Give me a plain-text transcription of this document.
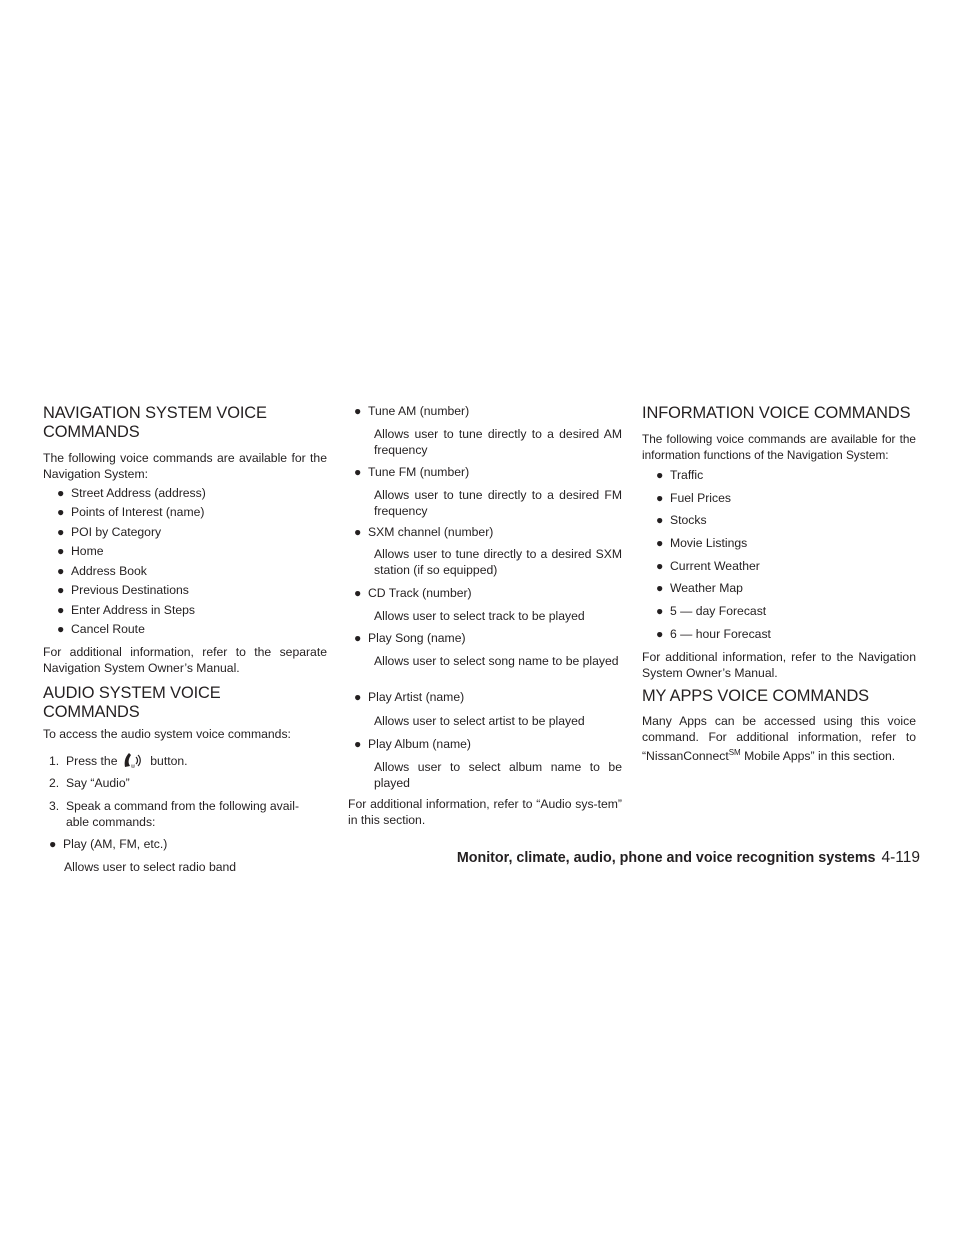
NAVIGATION SYSTEM VOICE
COMMANDS

The following voice commands are available for the Navigation System:

● Street Address (address)
● Points of Interest (name)
● POI by Category
● Home
● Address Book
● Previous Destinations
● Enter Address in Steps
● Cancel Route

For additional information, refer to the separate Navigation System Owner’s Manual.

AUDIO SYSTEM VOICE
COMMANDS

To access the audio system voice commands:

1. Press the	W button.
2. Say “Audio”
3. Speak a command from the following avail-
able commands:
● Play (AM, FM, etc.)
Allows user to select radio band
● Tune AM (number)
Allows user to tune directly to a desired AM frequency
● Tune FM (number)
Allows user to tune directly to a desired FM frequency
● SXM channel (number)
Allows user to tune directly to a desired SXM station (if so equipped)
● CD Track (number)
Allows user to select track to be played
● Play Song (name)
Allows user to select song name to be played
● Play Artist (name)
Allows user to select artist to be played
● Play Album (name)
Allows user to select album name to be played

For additional information, refer to “Audio sys-tem” in this section.

INFORMATION VOICE COMMANDS

The following voice commands are available for the information functions of the Navigation System:

● Traffic
● Fuel Prices
● Stocks
● Movie Listings
● Current Weather
● Weather Map
● 5 — day Forecast
● 6 — hour Forecast

For additional information, refer to the Navigation System Owner’s Manual.

MY APPS VOICE COMMANDS

Many Apps can be accessed using this voice command. For additional information, refer to “NissanConnect℠ Mobile Apps” in this section.

Monitor, climate, audio, phone and voice recognition systems 4-119
